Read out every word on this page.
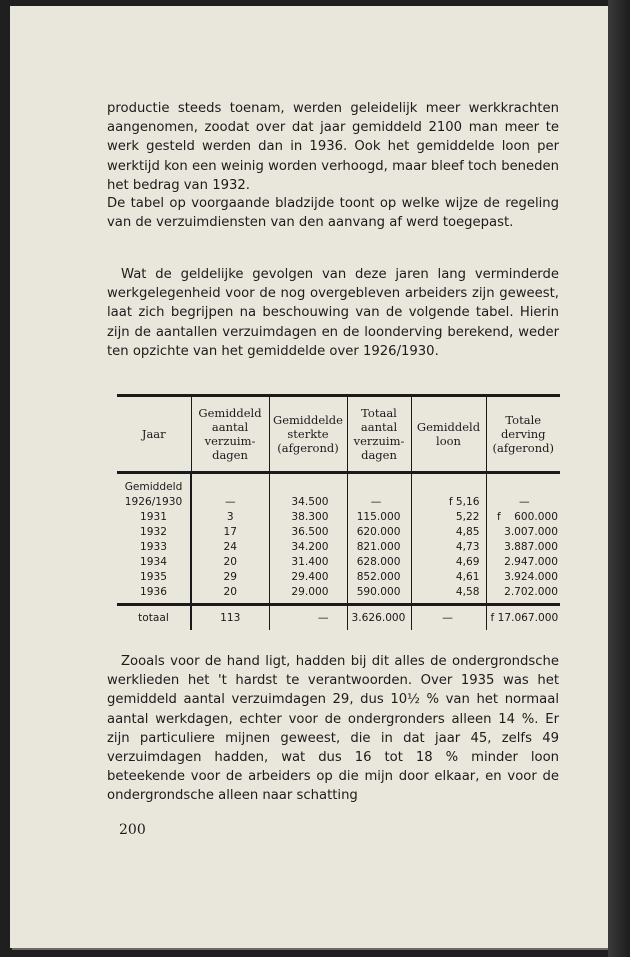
productie steeds toenam, werden geleidelijk meer werkkrachten aangenomen, zoodat over dat jaar gemiddeld 2100 man meer te werk gesteld werden dan in 1936. Ook het gemiddelde loon per werktijd kon een weinig worden verhoogd, maar bleef toch beneden het bedrag van 1932.

De tabel op voorgaande bladzijde toont op welke wijze de regeling van de verzuimdiensten van den aanvang af werd toegepast.

Wat de geldelijke gevolgen van deze jaren lang verminderde werkgelegenheid voor de nog overgebleven arbeiders zijn geweest, laat zich begrijpen na beschouwing van de volgende tabel. Hierin zijn de aantallen verzuimdagen en de loonderving berekend, weder ten opzichte van het gemiddelde over 1926/1930.

Jaar	Gemiddeld aantal verzuim-dagen	Gemiddelde sterkte (afgerond)	Totaal aantal verzuim-dagen	Gemiddeld loon	Totale derving (afgerond)
Gemiddeld					
1926/1930	—	34.500	—	f 5,16	—
1931	3	38.300	115.000	5,22	f    600.000
1932	17	36.500	620.000	4,85	3.007.000
1933	24	34.200	821.000	4,73	3.887.000
1934	20	31.400	628.000	4,69	2.947.000
1935	29	29.400	852.000	4,61	3.924.000
1936	20	29.000	590.000	4,58	2.702.000
totaal	113	—	3.626.000	—	f 17.067.000

Zooals voor de hand ligt, hadden bij dit alles de ondergrondsche werklieden het 't hardst te verantwoorden. Over 1935 was het gemiddeld aantal verzuimdagen 29, dus 10½ % van het normaal aantal werkdagen, echter voor de ondergronders alleen 14 %. Er zijn particuliere mijnen geweest, die in dat jaar 45, zelfs 49 verzuimdagen hadden, wat dus 16 tot 18 % minder loon beteekende voor de arbeiders op die mijn door elkaar, en voor de ondergrondsche alleen naar schatting

200
